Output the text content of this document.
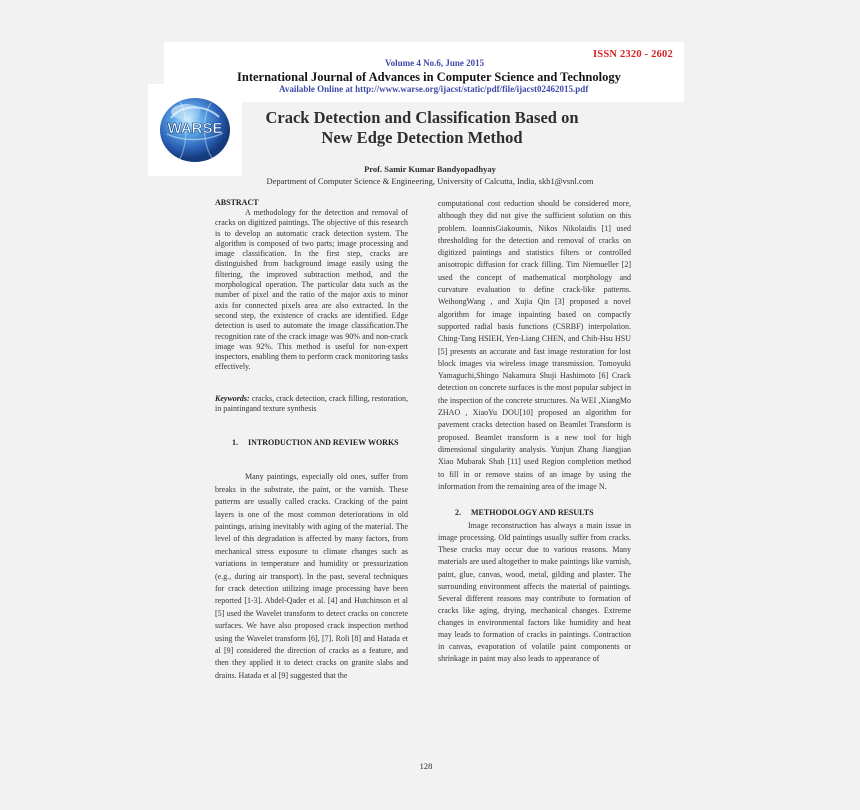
ISSN 2320 - 2602
Volume 4 No.6, June 2015
International Journal of Advances in Computer Science and Technology
Available Online at http://www.warse.org/ijacst/static/pdf/file/ijacst02462015.pdf
WARSE
Crack Detection and Classification Based on
New Edge Detection Method
Prof. Samir Kumar Bandyopadhyay
Department of Computer Science & Engineering, University of Calcutta, India, skb1@vsnl.com
ABSTRACT

A methodology for the detection and removal of cracks on digitized paintings. The objective of this research is to develop an automatic crack detection system. The algorithm is composed of two parts; image processing and image classification. In the first step, cracks are distinguished from background image easily using the filtering, the improved subtraction method, and the morphological operation. The particular data such as the number of pixel and the ratio of the major axis to minor axis for connected pixels area are also extracted. In the second step, the existence of cracks are identified. Edge detection is used to automate the image classification.The recognition rate of the crack image was 90% and non-crack image was 92%. This method is useful for non-expert inspectors, enabling them to perform crack monitoring tasks effectively.

Keywords: cracks, crack detection, crack filling, restoration, in paintingand texture synthesis

1.	INTRODUCTION AND REVIEW WORKS

Many paintings, especially old ones, suffer from breaks in the substrate, the paint, or the varnish. These patterns are usually called cracks. Cracking of the paint layers is one of the most common deteriorations in old paintings, arising inevitably with aging of the material. The level of this degradation is affected by many factors, from mechanical stress exposure to climate changes such as variations in temperature and humidity or pressurization (e.g., during air transport). In the past, several techniques for crack detection utilizing image processing have been reported [1-3]. Abdel-Qader et al. [4] and Hutchinson et al [5] used the Wavelet transform to detect cracks on concrete surfaces. We have also proposed crack inspection method using the Wavelet transform [6], [7]. Roli [8] and Hatada et al [9] considered the direction of cracks as a feature, and then they applied it to detect cracks on granite slabs and drains. Hatada et al [9] suggested that the

computational cost reduction should be considered more, although they did not give the sufficient solution on this problem. IoannisGiakoumis, Nikos Nikolaidis [1] used thresholding for the detection and removal of cracks on digitized paintings and statistics filters or controlled anisotropic diffusion for crack filling. Tim Niemueller [2] used the concept of mathematical morphology and curvature evaluation to define crack-like patterns. WeihongWang , and Xujia Qin [3] proposed a novel algorithm for image inpainting based on compactly supported radial basis functions (CSRBF) interpolation. Ching-Tang HSIEH, Yen-Liang CHEN, and Chih-Hsu HSU [5] presents an accurate and fast image restoration for lost block images via wireless image transmission. Tomoyuki Yamaguchi,Shingo Nakamura Shuji Hashimoto [6] Crack detection on concrete surfaces is the most popular subject in the inspection of the concrete structures. Na WEI ,XiangMo ZHAO , XiaoYu DOU[10] proposed an algorithm for pavement cracks detection based on Beamlet Transform is proposed. Beamlet transform is a new tool for high dimensional singularity analysis. Yunjun Zhang Jiangjian Xiao Mubarak Shah [11] used Region completion method to fill in or remove stains of an image by using the information from the remaining area of the image N.

2.	METHODOLOGY AND RESULTS

Image reconstruction has always a main issue in image processing. Old paintings usually suffer from cracks. These cracks may occur due to various reasons. Many materials are used altogether to make paintings like varnish, paint, glue, canvas, wood, metal, gilding and plaster. The surrounding environment affects the material of paintings. Several different reasons may contribute to formation of cracks like aging, drying, mechanical changes. Extreme changes in environmental factors like humidity and heat may leads to formation of cracks in paintings. Contraction in canvas, evaporation of volatile paint components or shrinkage in paint may also leads to appearance of

128
